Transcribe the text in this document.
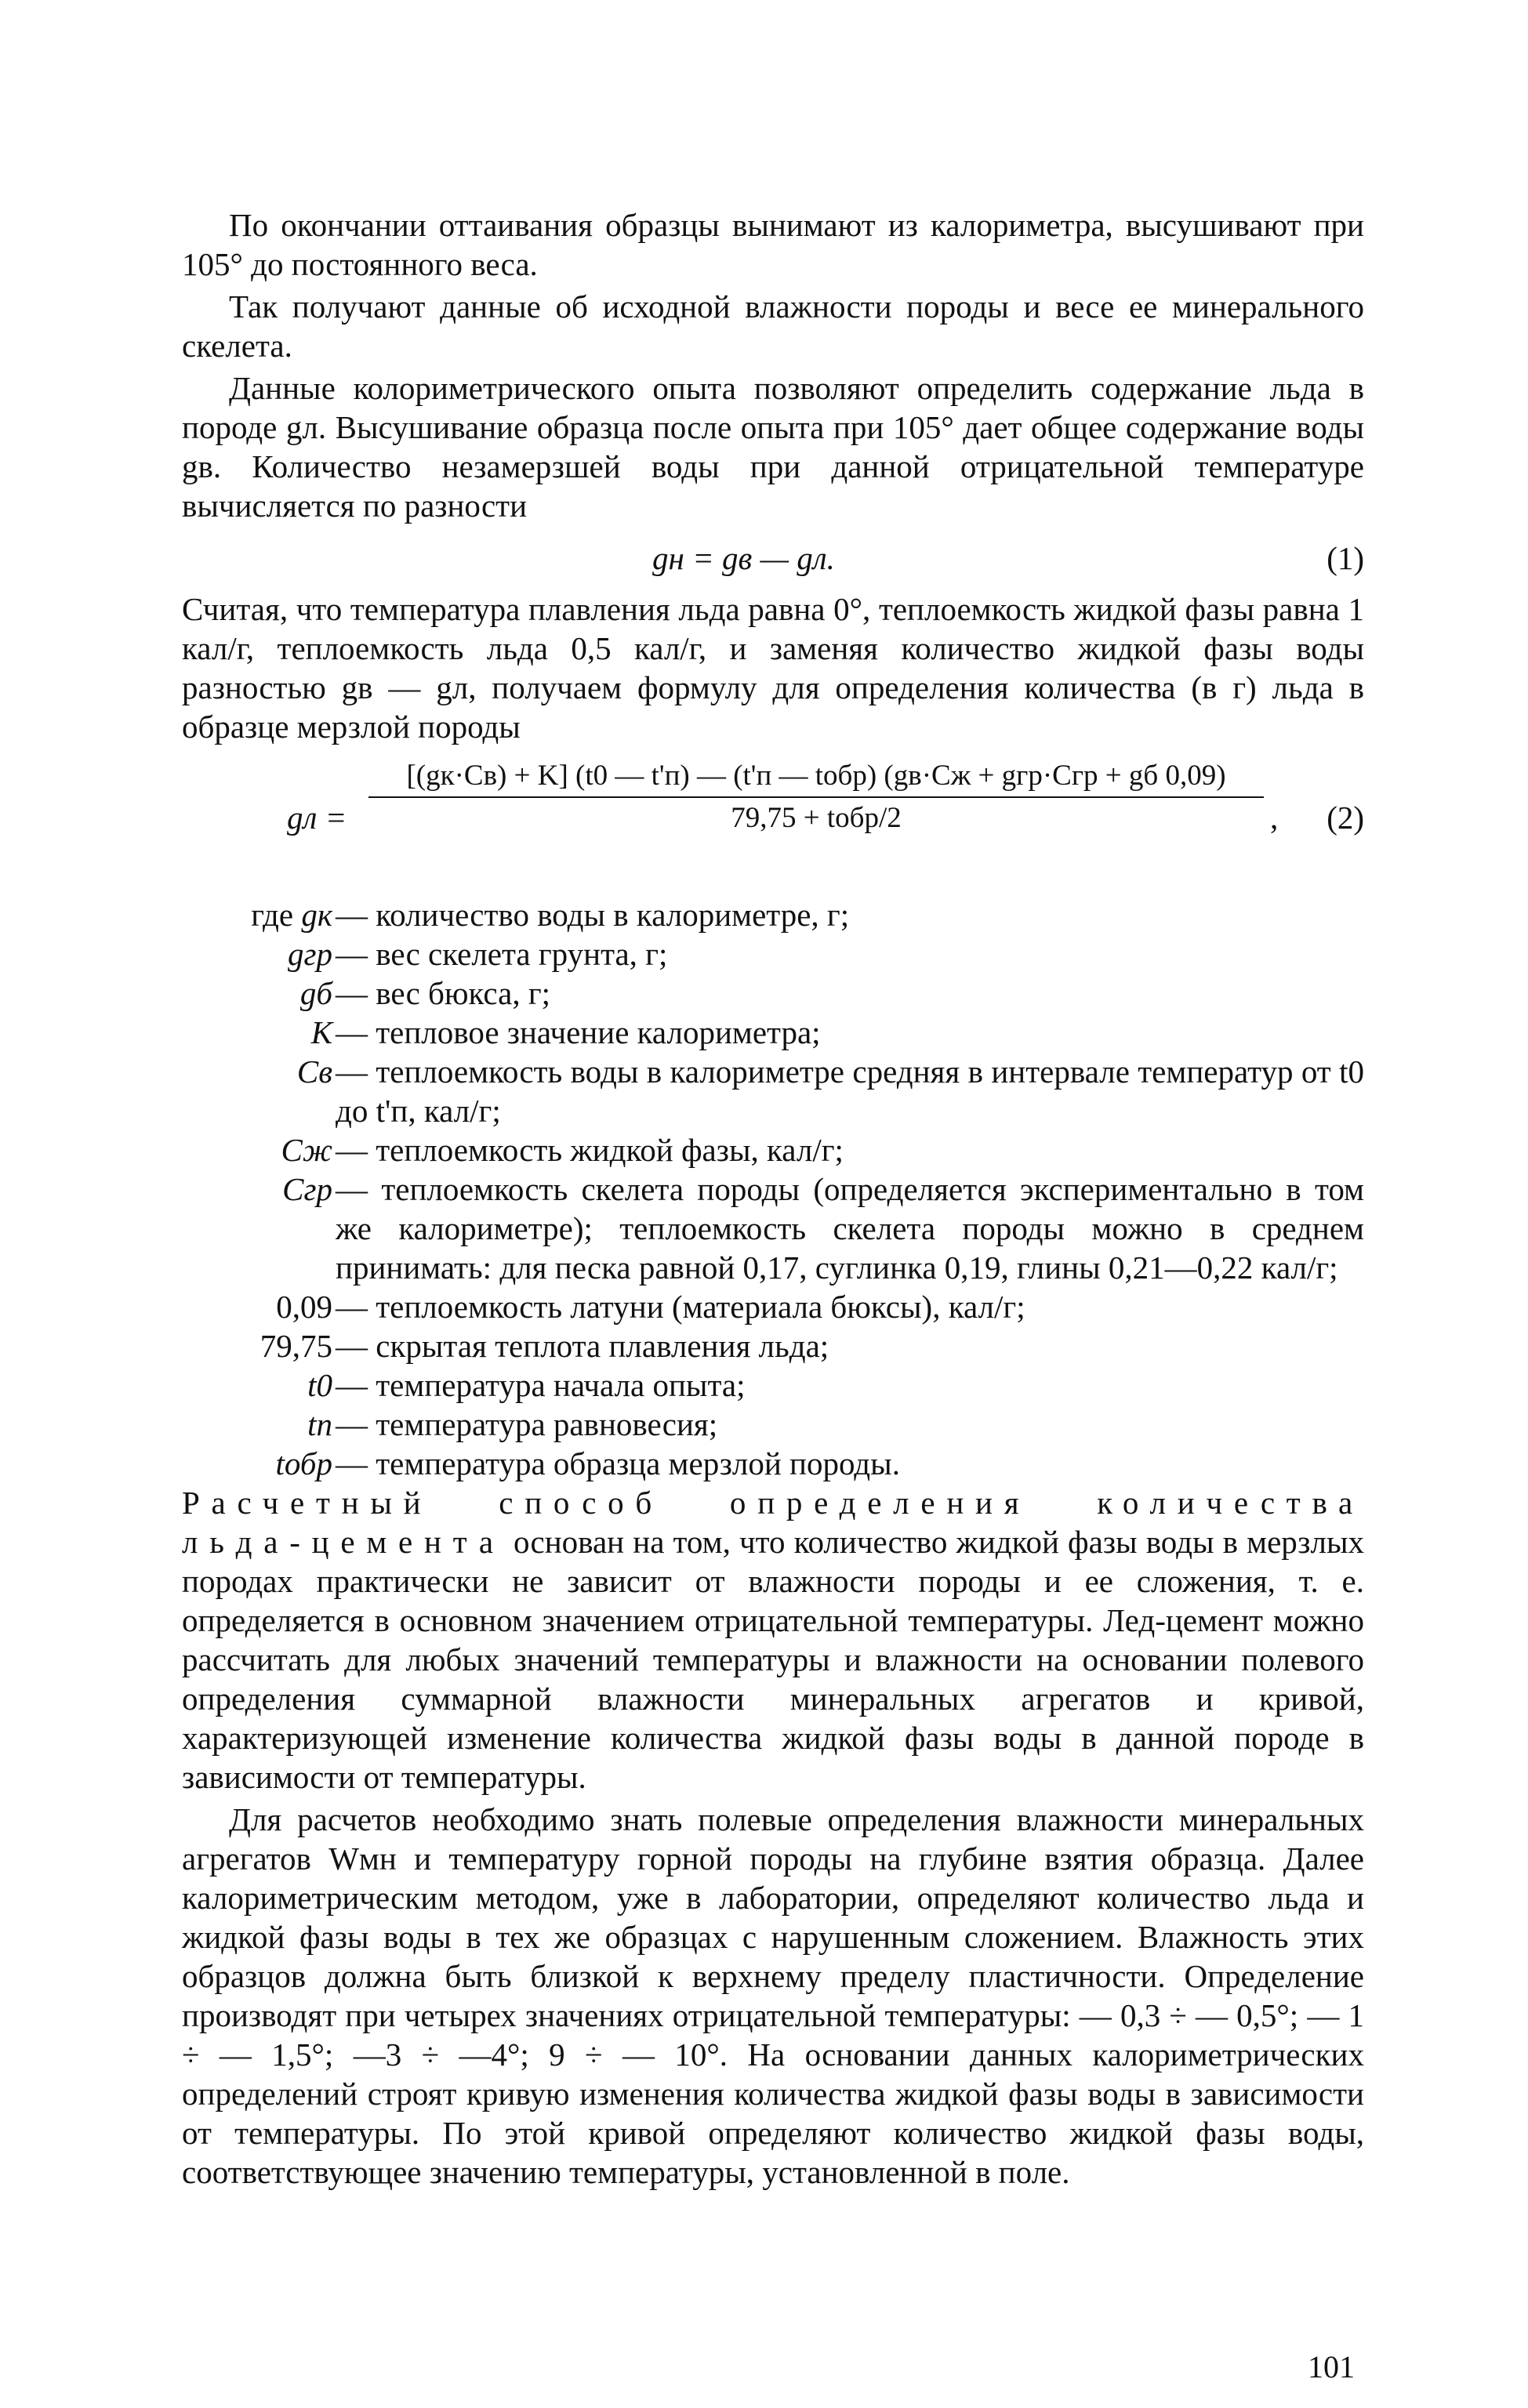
По окончании оттаивания образцы вынимают из калориметра, высушивают при 105° до постоянного веса.

Так получают данные об исходной влажности породы и весе ее минерального скелета.

Данные колориметрического опыта позволяют определить содержание льда в породе gл. Высушивание образца после опыта при 105° дает общее содержание воды gв. Количество незамерзшей воды при данной отрицательной температуре вычисляется по разности

gн = gв — gл.	(1)

Считая, что температура плавления льда равна 0°, теплоемкость жидкой фазы равна 1 кал/г, теплоемкость льда 0,5 кал/г, и заменяя количество жидкой фазы воды разностью gв — gл, получаем формулу для определения количества (в г) льда в образце мерзлой породы

gл =
[(gк·Cв) + K] (t0 — t'п) — (t'п — tобр) (gв·Cж + gгр·Cгр + gб 0,09)
79,75 + tобр/2	, (2)
где gк — количество воды в калориметре, г;
gгр — вес скелета грунта, г;
gб — вес бюкса, г;
К — тепловое значение калориметра;
Cв — теплоемкость воды в калориметре средняя в интервале температур от t0 до t'п, кал/г;
Cж — теплоемкость жидкой фазы, кал/г;
Cгр — теплоемкость скелета породы (определяется экспериментально в том же калориметре); теплоемкость скелета породы можно в среднем принимать: для песка равной 0,17, суглинка 0,19, глины 0,21—0,22 кал/г;
0,09 — теплоемкость латуни (материала бюксы), кал/г;
79,75 — скрытая теплота плавления льда;
t0 — температура начала опыта;
tп — температура равновесия;
tобр — температура образца мерзлой породы.

Расчетный способ определения количества льда-цемента основан на том, что количество жидкой фазы воды в мерзлых породах практически не зависит от влажности породы и ее сложения, т. е. определяется в основном значением отрицательной температуры. Лед-цемент можно рассчитать для любых значений температуры и влажности на основании полевого определения суммарной влажности минеральных агрегатов и кривой, характеризующей изменение количества жидкой фазы воды в данной породе в зависимости от температуры.

Для расчетов необходимо знать полевые определения влажности минеральных агрегатов Wмн и температуру горной породы на глубине взятия образца. Далее калориметрическим методом, уже в лаборатории, определяют количество льда и жидкой фазы воды в тех же образцах с нарушенным сложением. Влажность этих образцов должна быть близкой к верхнему пределу пластичности. Определение производят при четырех значениях отрицательной температуры: — 0,3 ÷ — 0,5°; — 1 ÷ — 1,5°; —3 ÷ —4°; 9 ÷ — 10°. На основании данных калориметрических определений строят кривую изменения количества жидкой фазы воды в зависимости от температуры. По этой кривой определяют количество жидкой фазы воды, соответствующее значению температуры, установленной в поле.

101
